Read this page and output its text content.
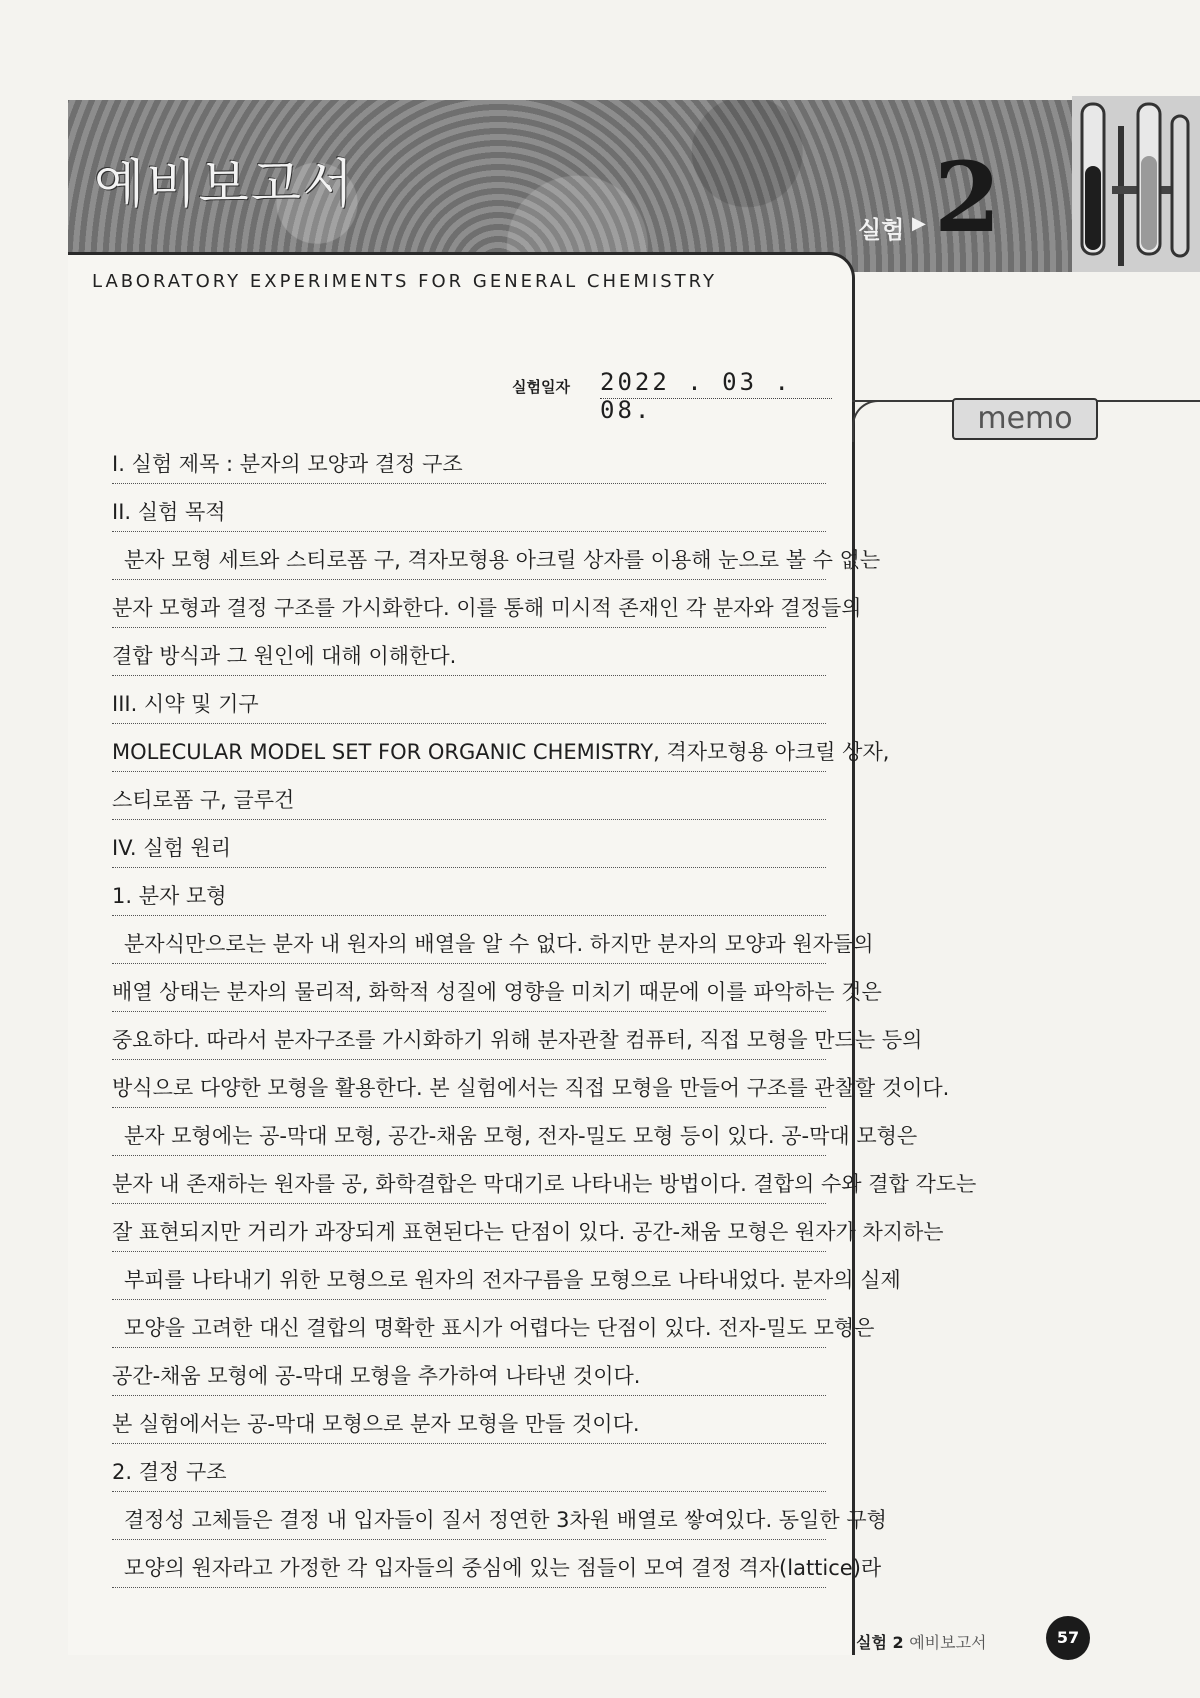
예비보고서
실험 ▶ 2
LABORATORY EXPERIMENTS FOR GENERAL CHEMISTRY
memo
실험일자 2022 . 03 . 08.
I. 실험 제목 : 분자의 모양과 결정 구조
II. 실험 목적
분자 모형 세트와 스티로폼 구, 격자모형용 아크릴 상자를 이용해 눈으로 볼 수 없는
분자 모형과 결정 구조를 가시화한다. 이를 통해 미시적 존재인 각 분자와 결정들의
결합 방식과 그 원인에 대해 이해한다.
III. 시약 및 기구
MOLECULAR MODEL SET FOR ORGANIC CHEMISTRY, 격자모형용 아크릴 상자,
스티로폼 구, 글루건
IV. 실험 원리
1. 분자 모형
분자식만으로는 분자 내 원자의 배열을 알 수 없다. 하지만 분자의 모양과 원자들의
배열 상태는 분자의 물리적, 화학적 성질에 영향을 미치기 때문에 이를 파악하는 것은
중요하다. 따라서 분자구조를 가시화하기 위해 분자관찰 컴퓨터, 직접 모형을 만드는 등의
방식으로 다양한 모형을 활용한다. 본 실험에서는 직접 모형을 만들어 구조를 관찰할 것이다.
분자 모형에는 공-막대 모형, 공간-채움 모형, 전자-밀도 모형 등이 있다. 공-막대 모형은
분자 내 존재하는 원자를 공, 화학결합은 막대기로 나타내는 방법이다. 결합의 수와 결합 각도는
잘 표현되지만 거리가 과장되게 표현된다는 단점이 있다. 공간-채움 모형은 원자가 차지하는
부피를 나타내기 위한 모형으로 원자의 전자구름을 모형으로 나타내었다. 분자의 실제
모양을 고려한 대신 결합의 명확한 표시가 어렵다는 단점이 있다. 전자-밀도 모형은
공간-채움 모형에 공-막대 모형을 추가하여 나타낸 것이다.
본 실험에서는 공-막대 모형으로 분자 모형을 만들 것이다.
2. 결정 구조
결정성 고체들은 결정 내 입자들이 질서 정연한 3차원 배열로 쌓여있다. 동일한 구형
모양의 원자라고 가정한 각 입자들의 중심에 있는 점들이 모여 결정 격자(lattice)라
실험 2 예비보고서	57
